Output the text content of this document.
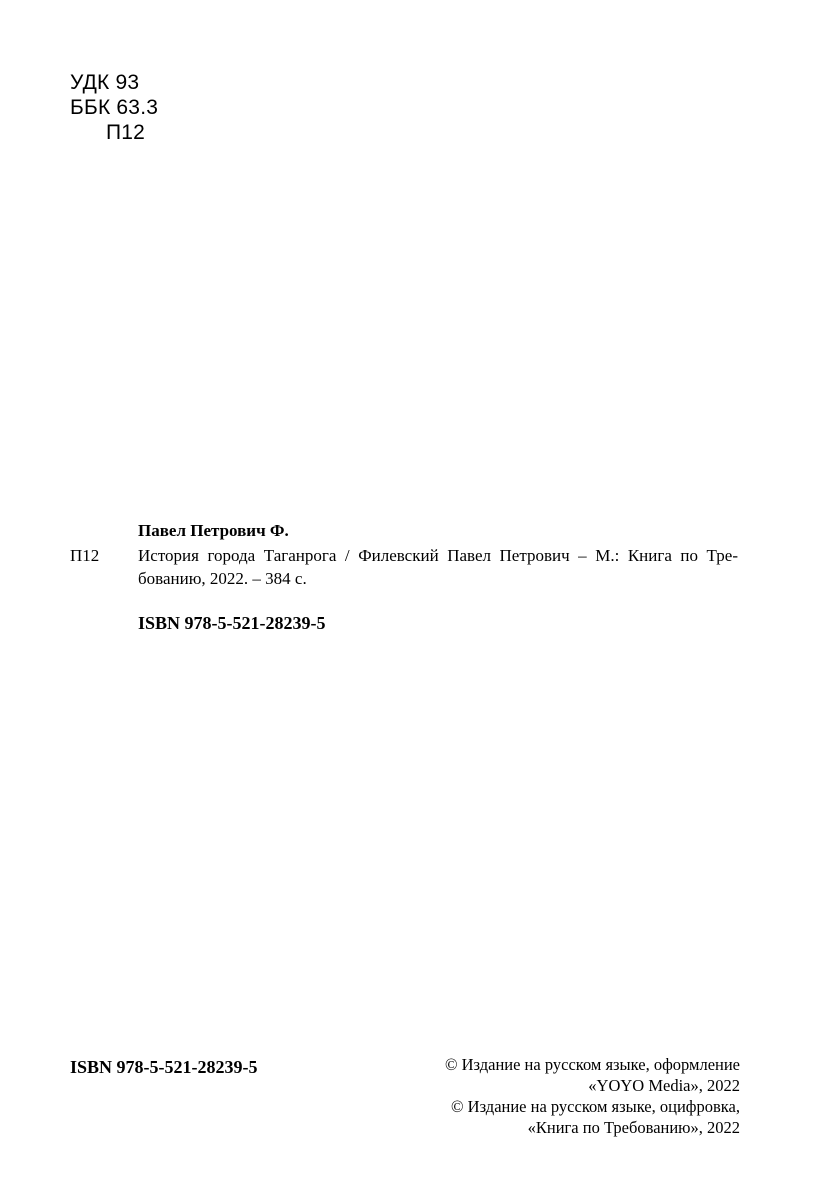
УДК 93
ББК 63.3
П12
Павел Петрович Ф.
П12 История города Таганрога / Филевский Павел Петрович – М.: Книга по Тре- бованию, 2022. – 384 с.
ISBN 978-5-521-28239-5
ISBN 978-5-521-28239-5	© Издание на русском языке, оформление
«YOYO Media», 2022
© Издание на русском языке, оцифровка,
«Книга по Требованию», 2022
